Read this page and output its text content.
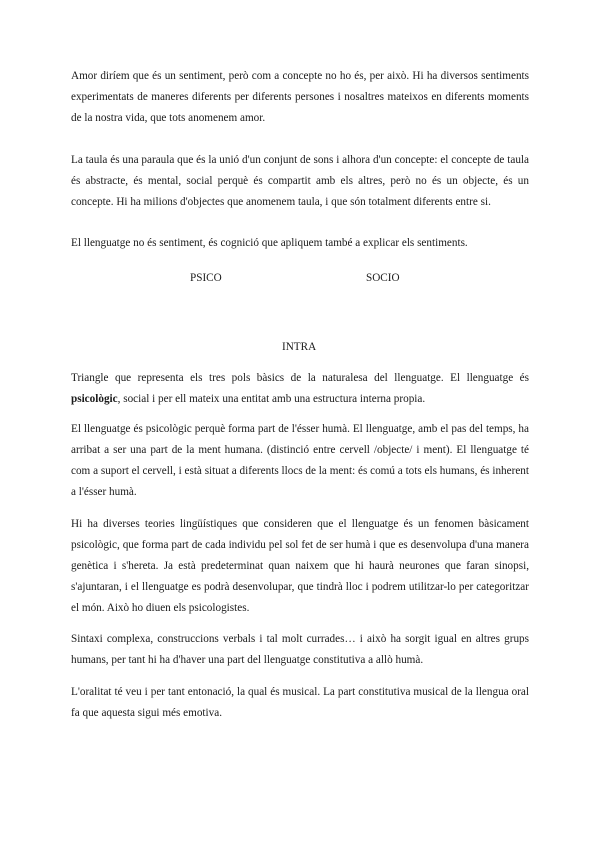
Amor diríem que és un sentiment, però com a concepte no ho és, per això. Hi ha diversos sentiments experimentats de maneres diferents per diferents persones i nosaltres mateixos en diferents moments de la nostra vida, que tots anomenem amor.

La taula és una paraula que és la unió d'un conjunt de sons i alhora d'un concepte: el concepte de taula és abstracte, és mental, social perquè és compartit amb els altres, però no és un objecte, és un concepte. Hi ha milions d'objectes que anomenem taula, i que són totalment diferents entre si.

El llenguatge no és sentiment, és cognició que apliquem també a explicar els sentiments.

PSICO	SOCIO

INTRA

Triangle que representa els tres pols bàsics de la naturalesa del llenguatge. El llenguatge és psicològic, social i per ell mateix una entitat amb una estructura interna propia.

El llenguatge és psicològic perquè forma part de l'ésser humà. El llenguatge, amb el pas del temps, ha arribat a ser una part de la ment humana. (distinció entre cervell /objecte/ i ment). El llenguatge té com a suport el cervell, i està situat a diferents llocs de la ment: és comú a tots els humans, és inherent a l'ésser humà.

Hi ha diverses teories lingüístiques que consideren que el llenguatge és un fenomen bàsicament psicològic, que forma part de cada individu pel sol fet de ser humà i que es desenvolupa d'una manera genètica i s'hereta. Ja està predeterminat quan naixem que hi haurà neurones que faran sinopsi, s'ajuntaran, i el llenguatge es podrà desenvolupar, que tindrà lloc i podrem utilitzar-lo per categoritzar el món. Això ho diuen els psicologistes.

Sintaxi complexa, construccions verbals i tal molt currades… i això ha sorgit igual en altres grups humans, per tant hi ha d'haver una part del llenguatge constitutiva a allò humà.

L'oralitat té veu i per tant entonació, la qual és musical. La part constitutiva musical de la llengua oral fa que aquesta sigui més emotiva.
